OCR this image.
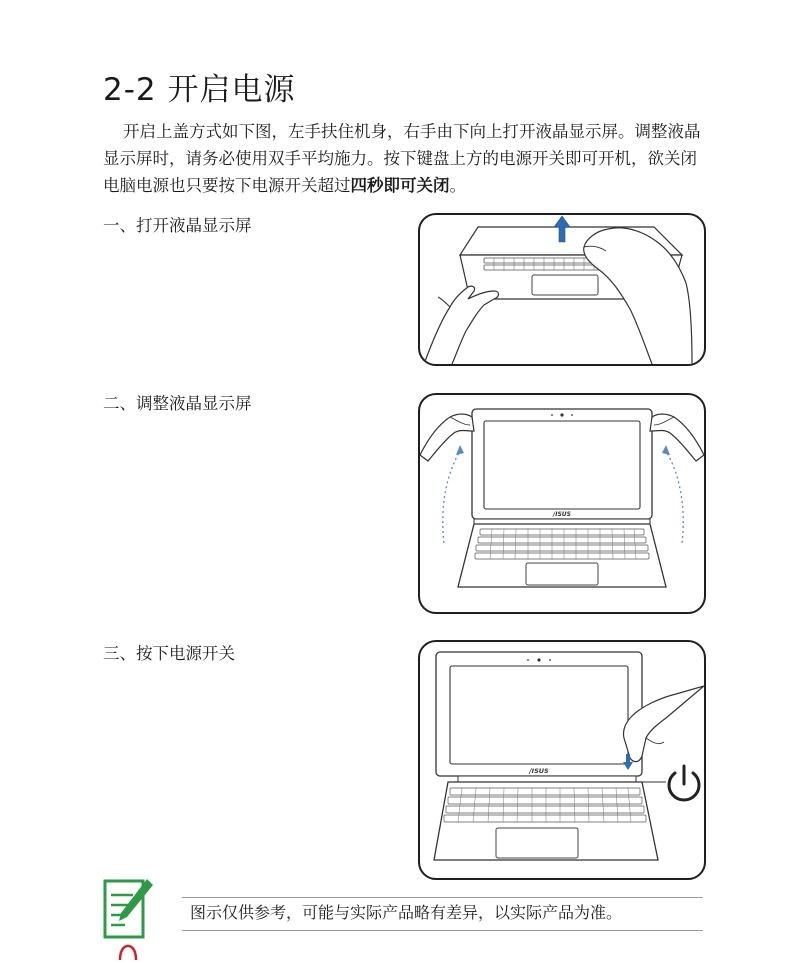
2-2 开启电源
开启上盖方式如下图，左手扶住机身，右手由下向上打开液晶显示屏。调整液晶显示屏时，请务必使用双手平均施力。按下键盘上方的电源开关即可开机，欲关闭电脑电源也只要按下电源开关超过四秒即可关闭。
一、打开液晶显示屏
二、调整液晶显示屏
/ISUS
三、按下电源开关
/ISUS
图示仅供参考，可能与实际产品略有差异，以实际产品为准。
